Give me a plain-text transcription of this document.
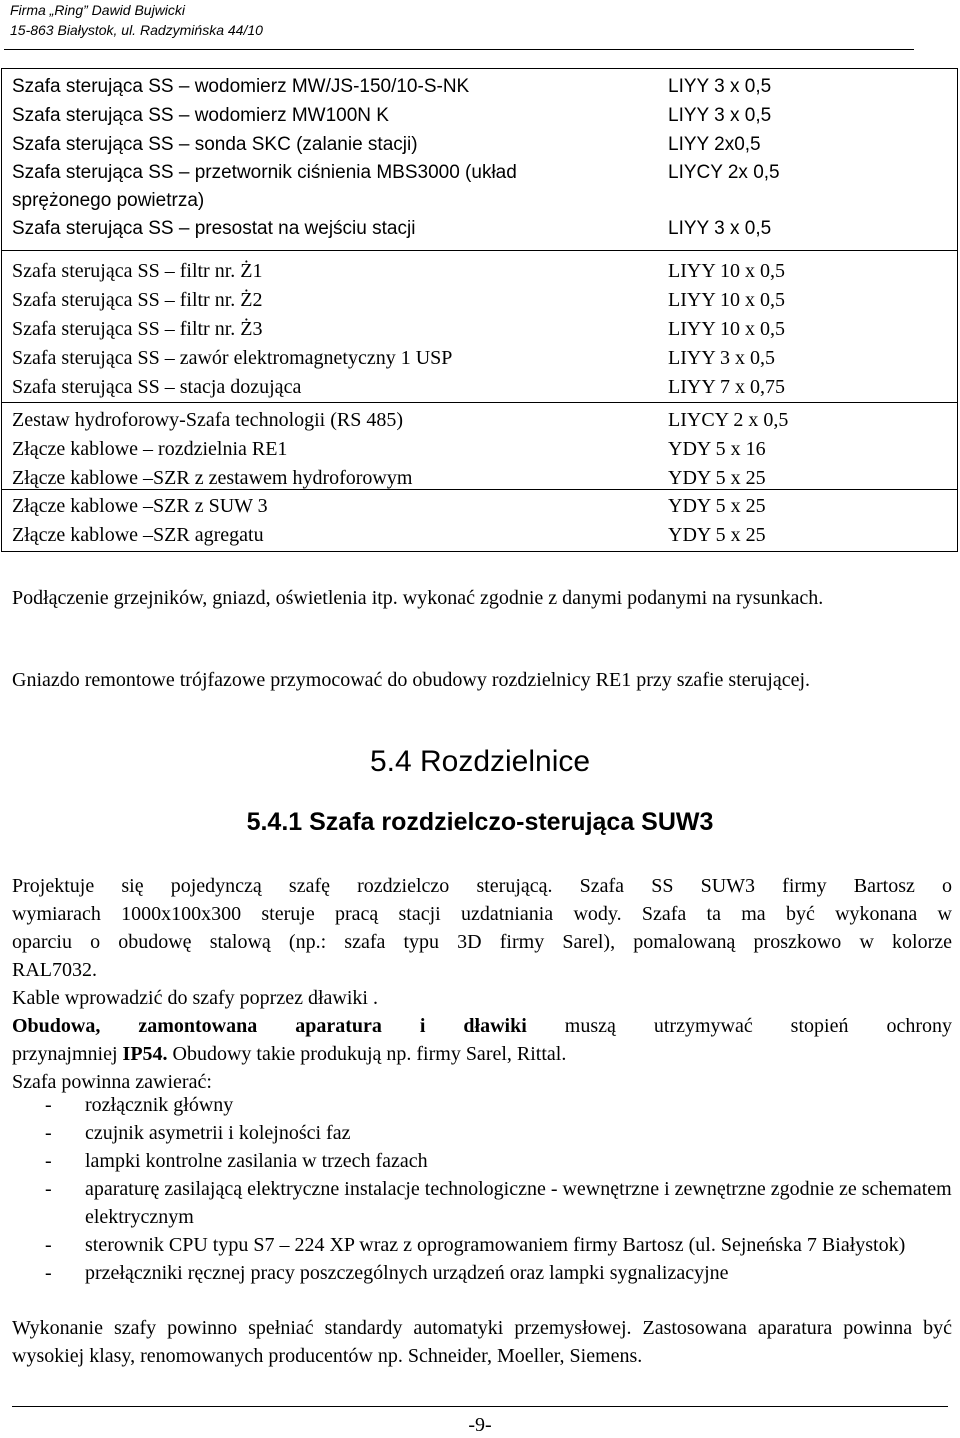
Firma „Ring” Dawid Bujwicki
15-863 Białystok, ul. Radzymińska 44/10
Szafa sterująca SS – wodomierz MW/JS-150/10-S-NK	LIYY 3 x 0,5
Szafa sterująca SS – wodomierz MW100N K	LIYY 3 x 0,5
Szafa sterująca SS – sonda SKC (zalanie stacji)	LIYY 2x0,5
Szafa sterująca SS – przetwornik ciśnienia MBS3000 (układ	LIYCY 2x 0,5
sprężonego powietrza)
Szafa sterująca SS – presostat na wejściu stacji	LIYY 3 x 0,5
Szafa sterująca SS – filtr nr. Ż1	LIYY 10 x 0,5
Szafa sterująca SS – filtr nr. Ż2	LIYY 10 x 0,5
Szafa sterująca SS – filtr nr. Ż3	LIYY 10 x 0,5
Szafa sterująca SS – zawór elektromagnetyczny 1 USP	LIYY 3 x 0,5
Szafa sterująca SS – stacja dozująca	LIYY 7 x 0,75
Zestaw hydroforowy-Szafa technologii (RS 485)	LIYCY 2 x 0,5
Złącze kablowe – rozdzielnia RE1	YDY 5 x 16
Złącze kablowe –SZR z zestawem hydroforowym	YDY 5 x 25
Złącze kablowe –SZR z SUW 3	YDY 5 x 25
Złącze kablowe –SZR agregatu	YDY 5 x 25
Podłączenie grzejników, gniazd, oświetlenia itp. wykonać zgodnie z danymi podanymi na rysunkach.
Gniazdo remontowe trójfazowe przymocować do obudowy rozdzielnicy RE1 przy szafie sterującej.
5.4 Rozdzielnice
5.4.1 Szafa rozdzielczo-sterująca SUW3
Projektuje się pojedynczą szafę rozdzielczo sterującą. Szafa SS SUW3 firmy Bartosz o
wymiarach 1000x100x300 steruje pracą stacji uzdatniania wody. Szafa ta ma być wykonana w
oparciu o obudowę stalową (np.: szafa typu 3D firmy Sarel), pomalowaną proszkowo w kolorze
RAL7032.
Kable wprowadzić do szafy poprzez dławiki .
Obudowa, zamontowana aparatura i dławiki muszą utrzymywać stopień ochrony
przynajmniej IP54. Obudowy takie produkują np. firmy Sarel, Rittal.
Szafa powinna zawierać:
- rozłącznik główny
- czujnik asymetrii i kolejności faz
- lampki kontrolne zasilania w trzech fazach
- aparaturę zasilającą elektryczne instalacje technologiczne - wewnętrzne i zewnętrzne zgodnie ze schematem elektrycznym
- sterownik CPU typu S7 – 224 XP wraz z oprogramowaniem firmy Bartosz (ul. Sejneńska 7 Białystok)
- przełączniki ręcznej pracy poszczególnych urządzeń oraz lampki sygnalizacyjne
Wykonanie szafy powinno spełniać standardy automatyki przemysłowej. Zastosowana aparatura powinna być wysokiej klasy, renomowanych producentów np. Schneider, Moeller, Siemens.
-9-
